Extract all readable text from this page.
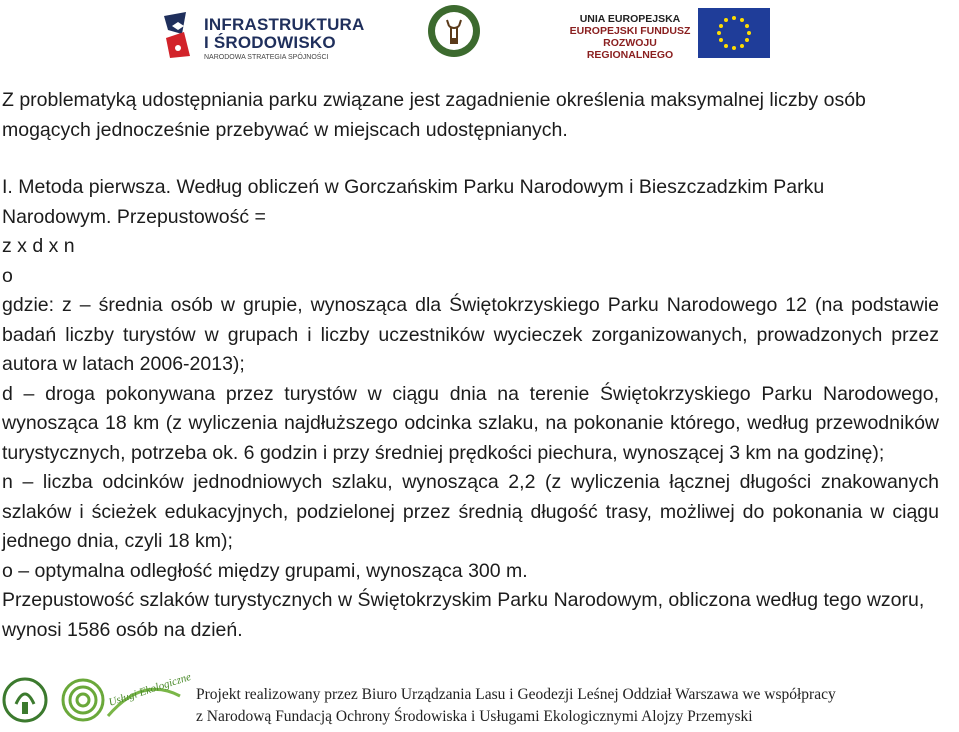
INFRASTRUKTURA
I ŚRODOWISKO
NARODOWA STRATEGIA SPÓJNOŚCI
UNIA EUROPEJSKA
EUROPEJSKI FUNDUSZ
ROZWOJU REGIONALNEGO

Z problematyką udostępniania parku związane jest zagadnienie określenia maksymalnej liczby osób mogących jednocześnie przebywać w miejscach udostępnianych.

I. Metoda pierwsza. Według obliczeń w Gorczańskim Parku Narodowym i Bieszczadzkim Parku Narodowym. Przepustowość =

z x d x n

o

gdzie: z – średnia osób w grupie, wynosząca dla Świętokrzyskiego Parku Narodowego 12 (na podstawie badań liczby turystów w grupach i liczby uczestników wycieczek zorganizowanych, prowadzonych przez autora w latach 2006-2013);

d – droga pokonywana przez turystów w ciągu dnia na terenie Świętokrzyskiego Parku Narodowego, wynosząca 18 km (z wyliczenia najdłuższego odcinka szlaku, na pokonanie którego, według przewodników turystycznych, potrzeba ok. 6 godzin i przy średniej prędkości piechura, wynoszącej 3 km na godzinę);

n – liczba odcinków jednodniowych szlaku, wynosząca 2,2 (z wyliczenia łącznej długości znakowanych szlaków i ścieżek edukacyjnych, podzielonej przez średnią długość trasy, możliwej do pokonania w ciągu jednego dnia, czyli 18 km);

o – optymalna odległość między grupami, wynosząca 300 m.

Przepustowość szlaków turystycznych w Świętokrzyskim Parku Narodowym, obliczona według tego wzoru, wynosi 1586 osób na dzień.

Usługi Ekologiczne Projekt realizowany przez Biuro Urządzania Lasu i Geodezji Leśnej Oddział Warszawa we współpracy
z Narodową Fundacją Ochrony Środowiska i Usługami Ekologicznymi Alojzy Przemyski
